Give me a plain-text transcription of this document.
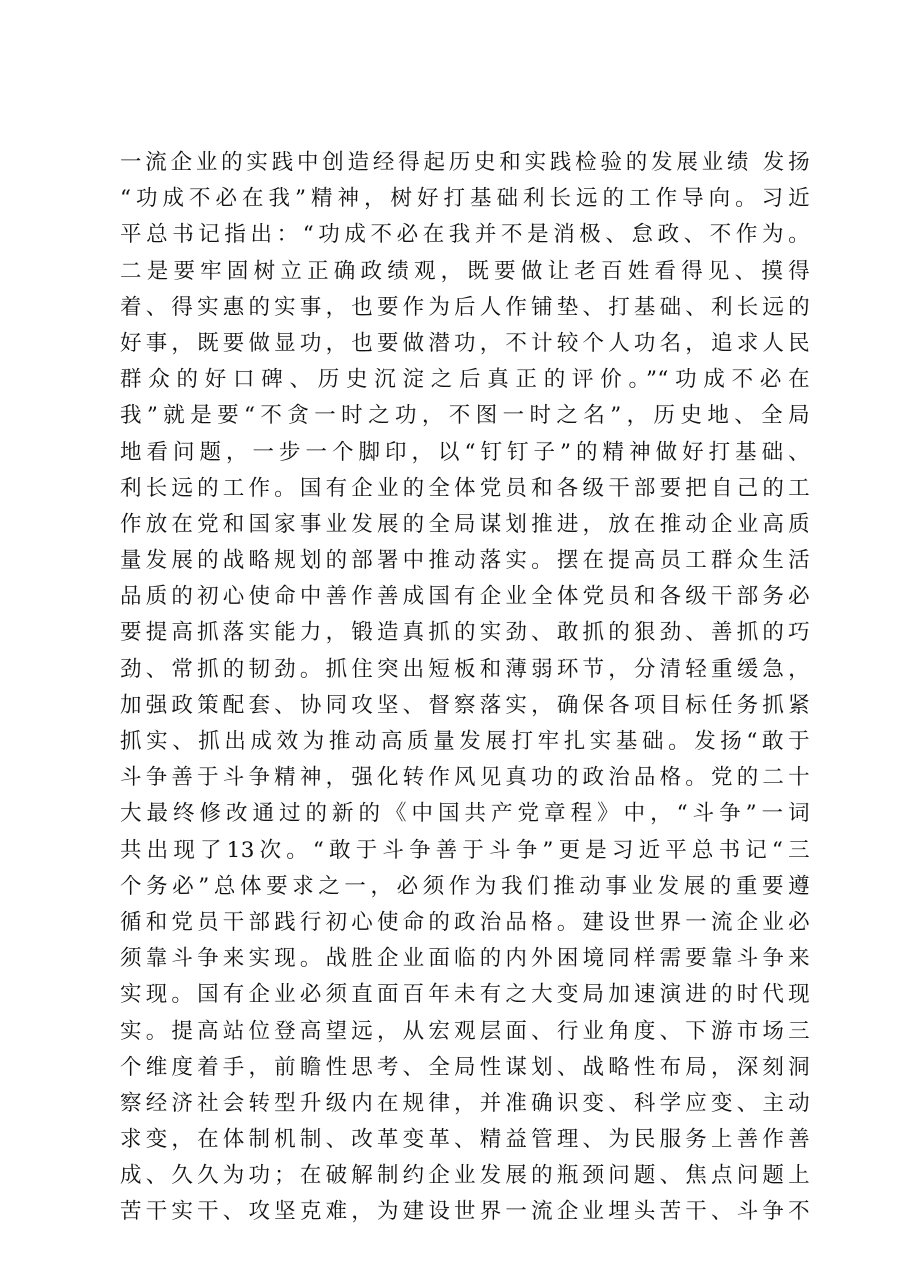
一流企业的实践中创造经得起历史和实践检验的发展业绩 发扬
“功成不必在我”精神，树好打基础利长远的工作导向。习近
平总书记指出：“功成不必在我并不是消极、怠政、不作为。
二是要牢固树立正确政绩观，既要做让老百姓看得见、摸得
着、得实惠的实事，也要作为后人作铺垫、打基础、利长远的
好事，既要做显功，也要做潜功，不计较个人功名，追求人民
群众的好口碑、历史沉淀之后真正的评价。”“功成不必在
我”就是要“不贪一时之功，不图一时之名”，历史地、全局
地看问题，一步一个脚印，以“钉钉子”的精神做好打基础、
利长远的工作。国有企业的全体党员和各级干部要把自己的工
作放在党和国家事业发展的全局谋划推进，放在推动企业高质
量发展的战略规划的部署中推动落实。摆在提高员工群众生活
品质的初心使命中善作善成国有企业全体党员和各级干部务必
要提高抓落实能力，锻造真抓的实劲、敢抓的狠劲、善抓的巧
劲、常抓的韧劲。抓住突出短板和薄弱环节，分清轻重缓急，
加强政策配套、协同攻坚、督察落实，确保各项目标任务抓紧
抓实、抓出成效为推动高质量发展打牢扎实基础。发扬“敢于
斗争善于斗争精神，强化转作风见真功的政治品格。党的二十
大最终修改通过的新的《中国共产党章程》中，“斗争”一词
共出现了13次。“敢于斗争善于斗争”更是习近平总书记“三
个务必”总体要求之一，必须作为我们推动事业发展的重要遵
循和党员干部践行初心使命的政治品格。建设世界一流企业必
须靠斗争来实现。战胜企业面临的内外困境同样需要靠斗争来
实现。国有企业必须直面百年未有之大变局加速演进的时代现
实。提高站位登高望远，从宏观层面、行业角度、下游市场三
个维度着手，前瞻性思考、全局性谋划、战略性布局，深刻洞
察经济社会转型升级内在规律，并准确识变、科学应变、主动
求变，在体制机制、改革变革、精益管理、为民服务上善作善
成、久久为功；在破解制约企业发展的瓶颈问题、焦点问题上
苦干实干、攻坚克难，为建设世界一流企业埋头苦干、斗争不
